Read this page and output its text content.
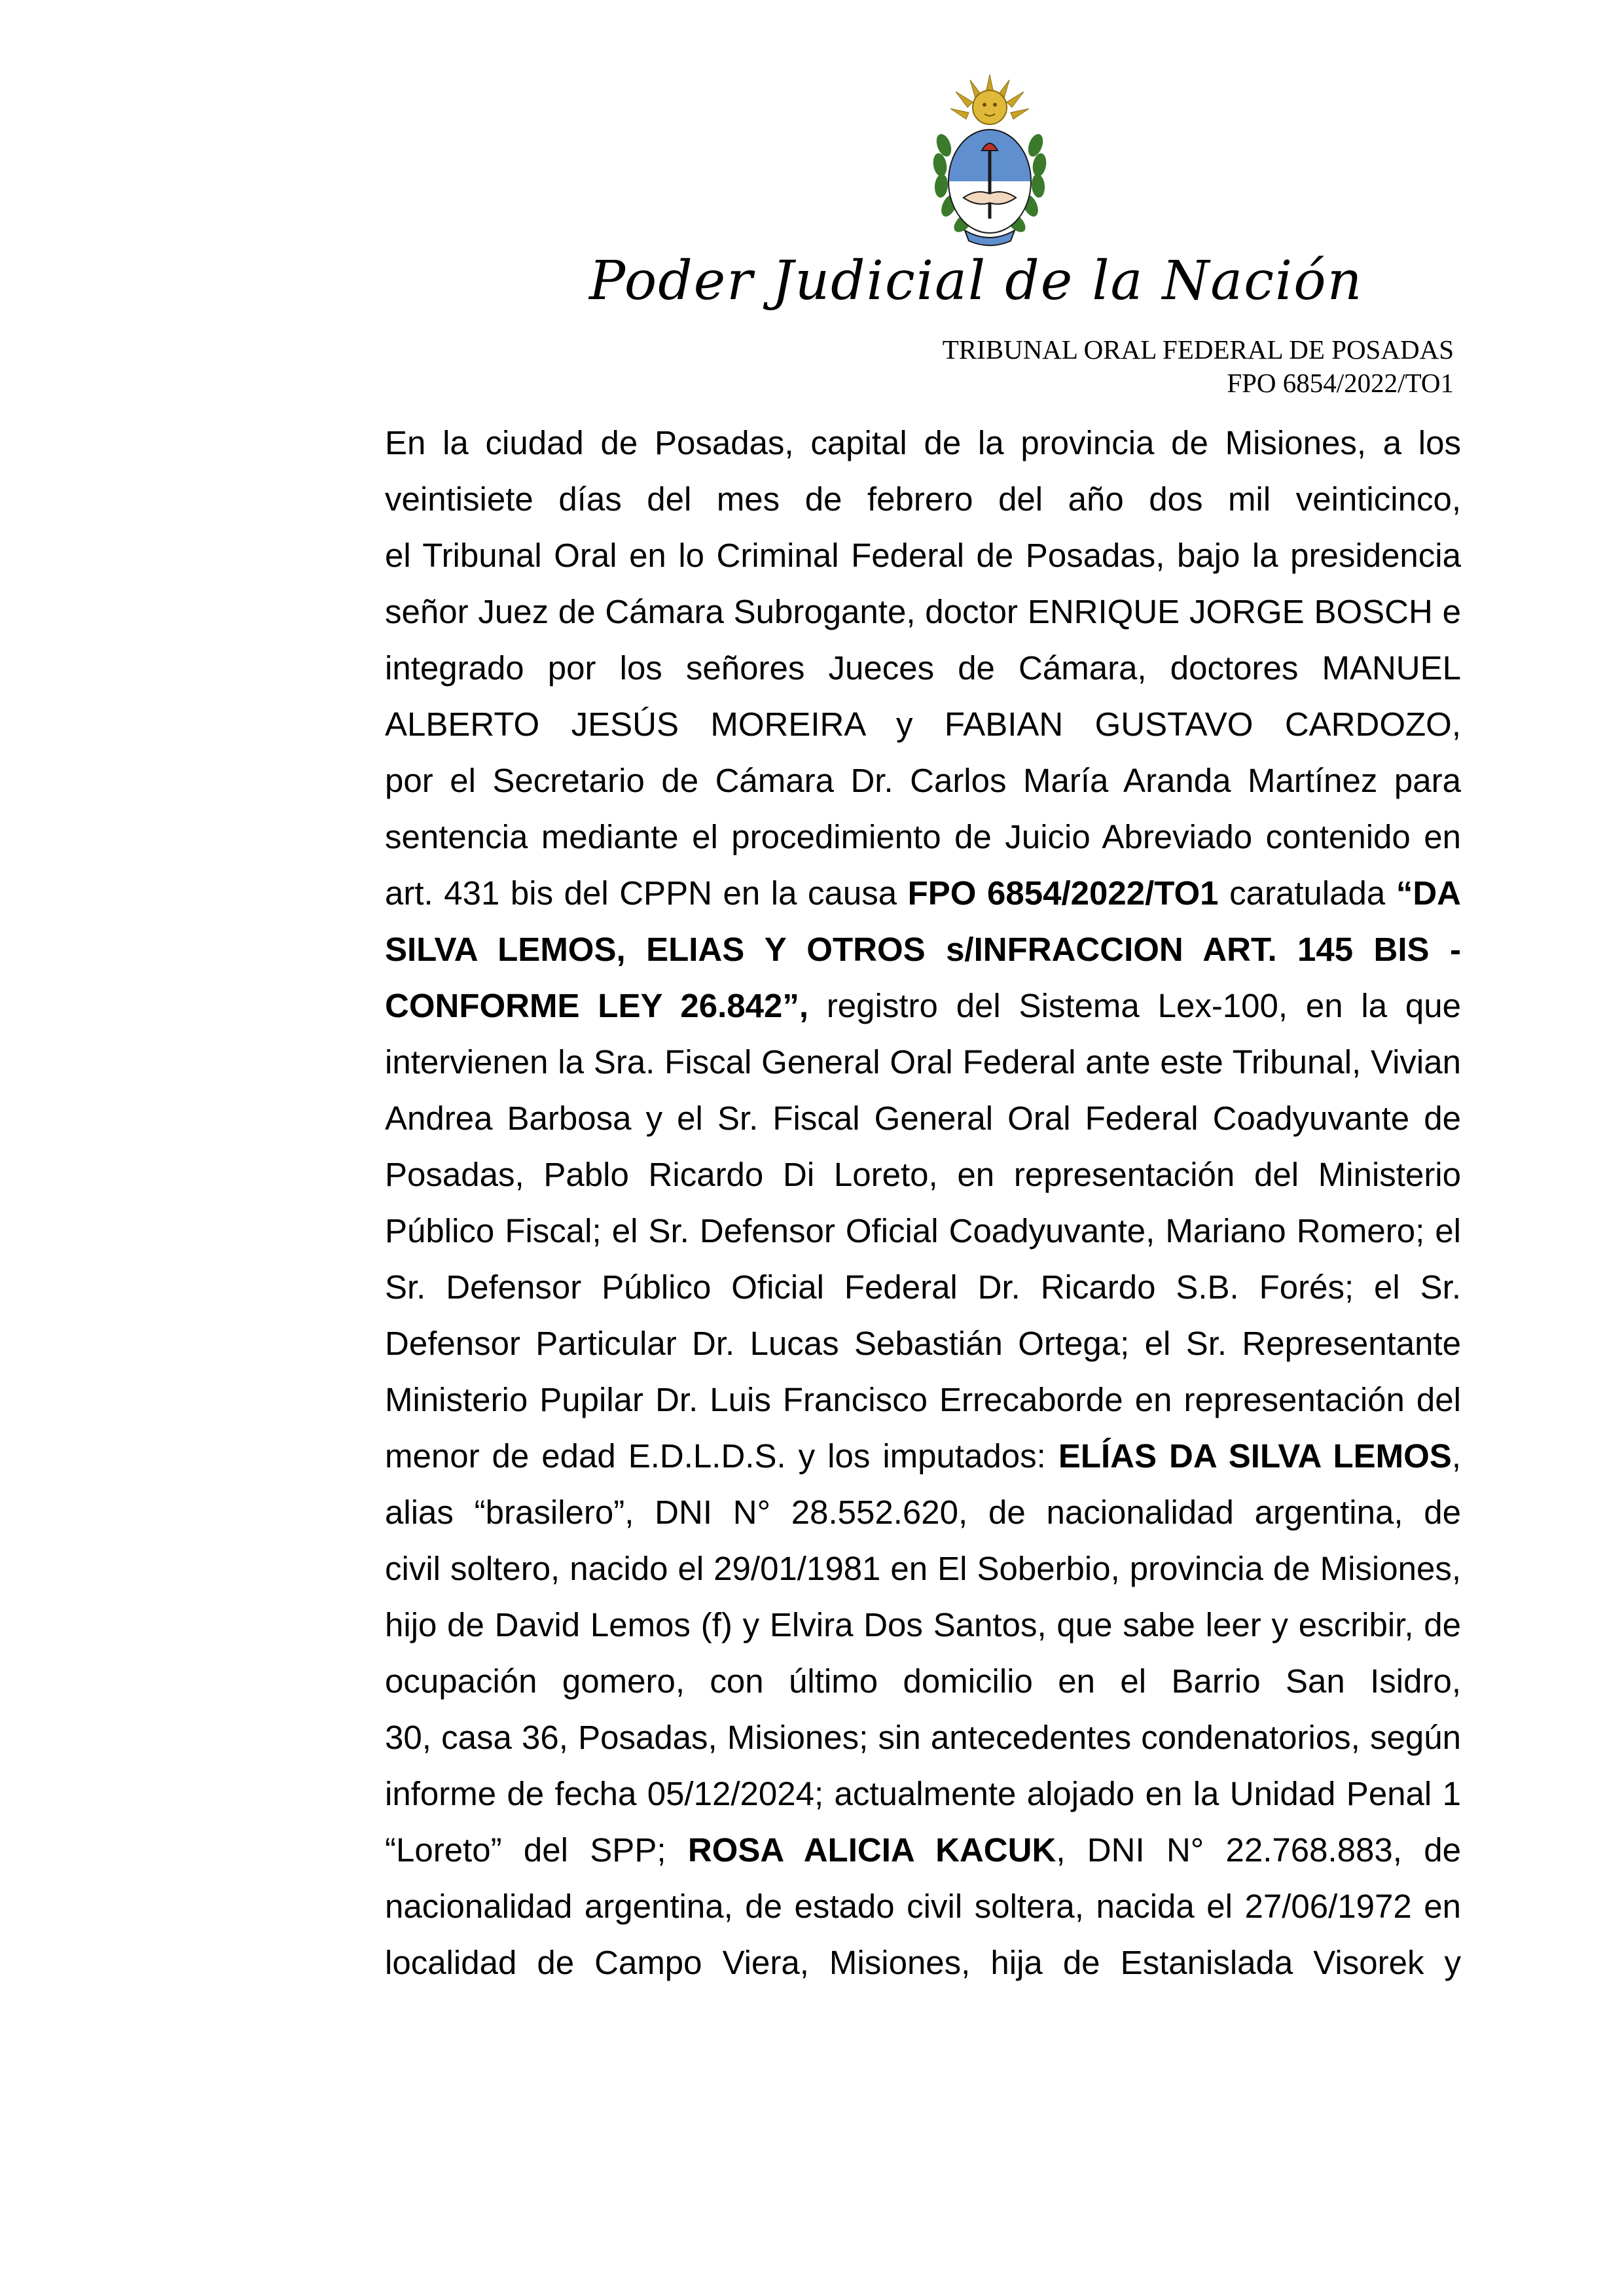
Poder Judicial de la Nación
TRIBUNAL ORAL FEDERAL DE POSADAS
FPO 6854/2022/TO1
En la ciudad de Posadas, capital de la provincia de Misiones, a los
veintisiete días del mes de febrero del año dos mil veinticinco,
el Tribunal Oral en lo Criminal Federal de Posadas, bajo la presidencia
señor Juez de Cámara Subrogante, doctor ENRIQUE JORGE BOSCH e
integrado por los señores Jueces de Cámara, doctores MANUEL
ALBERTO JESÚS MOREIRA y FABIAN GUSTAVO CARDOZO,
por el Secretario de Cámara Dr. Carlos María Aranda Martínez para
sentencia mediante el procedimiento de Juicio Abreviado contenido en
art. 431 bis del CPPN en la causa FPO 6854/2022/TO1 caratulada “DA
SILVA LEMOS, ELIAS Y OTROS s/INFRACCION ART. 145 BIS -
CONFORME LEY 26.842”, registro del Sistema Lex-100, en la que
intervienen la Sra. Fiscal General Oral Federal ante este Tribunal, Vivian
Andrea Barbosa y el Sr. Fiscal General Oral Federal Coadyuvante de
Posadas, Pablo Ricardo Di Loreto, en representación del Ministerio
Público Fiscal; el Sr. Defensor Oficial Coadyuvante, Mariano Romero; el
Sr. Defensor Público Oficial Federal Dr. Ricardo S.B. Forés; el Sr.
Defensor Particular Dr. Lucas Sebastián Ortega; el Sr. Representante
Ministerio Pupilar Dr. Luis Francisco Errecaborde en representación del
menor de edad E.D.L.D.S. y los imputados: ELÍAS DA SILVA LEMOS,
alias “brasilero”, DNI N° 28.552.620, de nacionalidad argentina, de
civil soltero, nacido el 29/01/1981 en El Soberbio, provincia de Misiones,
hijo de David Lemos (f) y Elvira Dos Santos, que sabe leer y escribir, de
ocupación gomero, con último domicilio en el Barrio San Isidro,
30, casa 36, Posadas, Misiones; sin antecedentes condenatorios, según
informe de fecha 05/12/2024; actualmente alojado en la Unidad Penal 1
“Loreto” del SPP; ROSA ALICIA KACUK, DNI N° 22.768.883, de
nacionalidad argentina, de estado civil soltera, nacida el 27/06/1972 en
localidad de Campo Viera, Misiones, hija de Estanislada Visorek y
